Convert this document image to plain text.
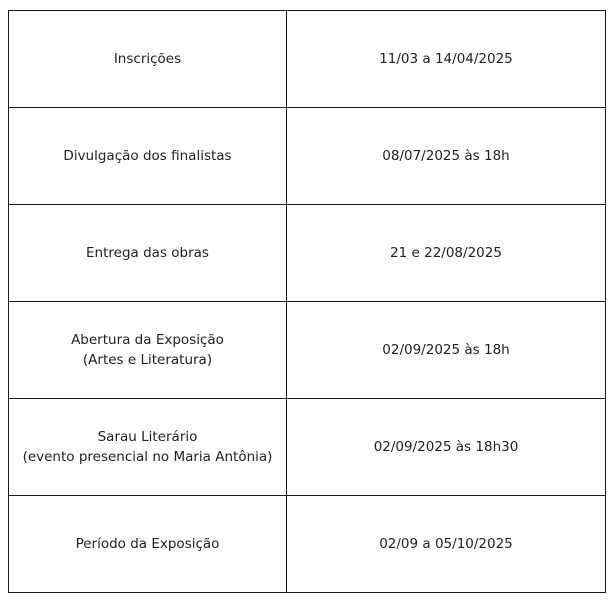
Inscrições	11/03 a 14/04/2025

Divulgação dos finalistas	08/07/2025 às 18h

Entrega das obras	21 e 22/08/2025

Abertura da Exposição
(Artes e Literatura)	02/09/2025 às 18h

Sarau Literário
(evento presencial no Maria Antônia)	02/09/2025 às 18h30

Período da Exposição	02/09 a 05/10/2025
